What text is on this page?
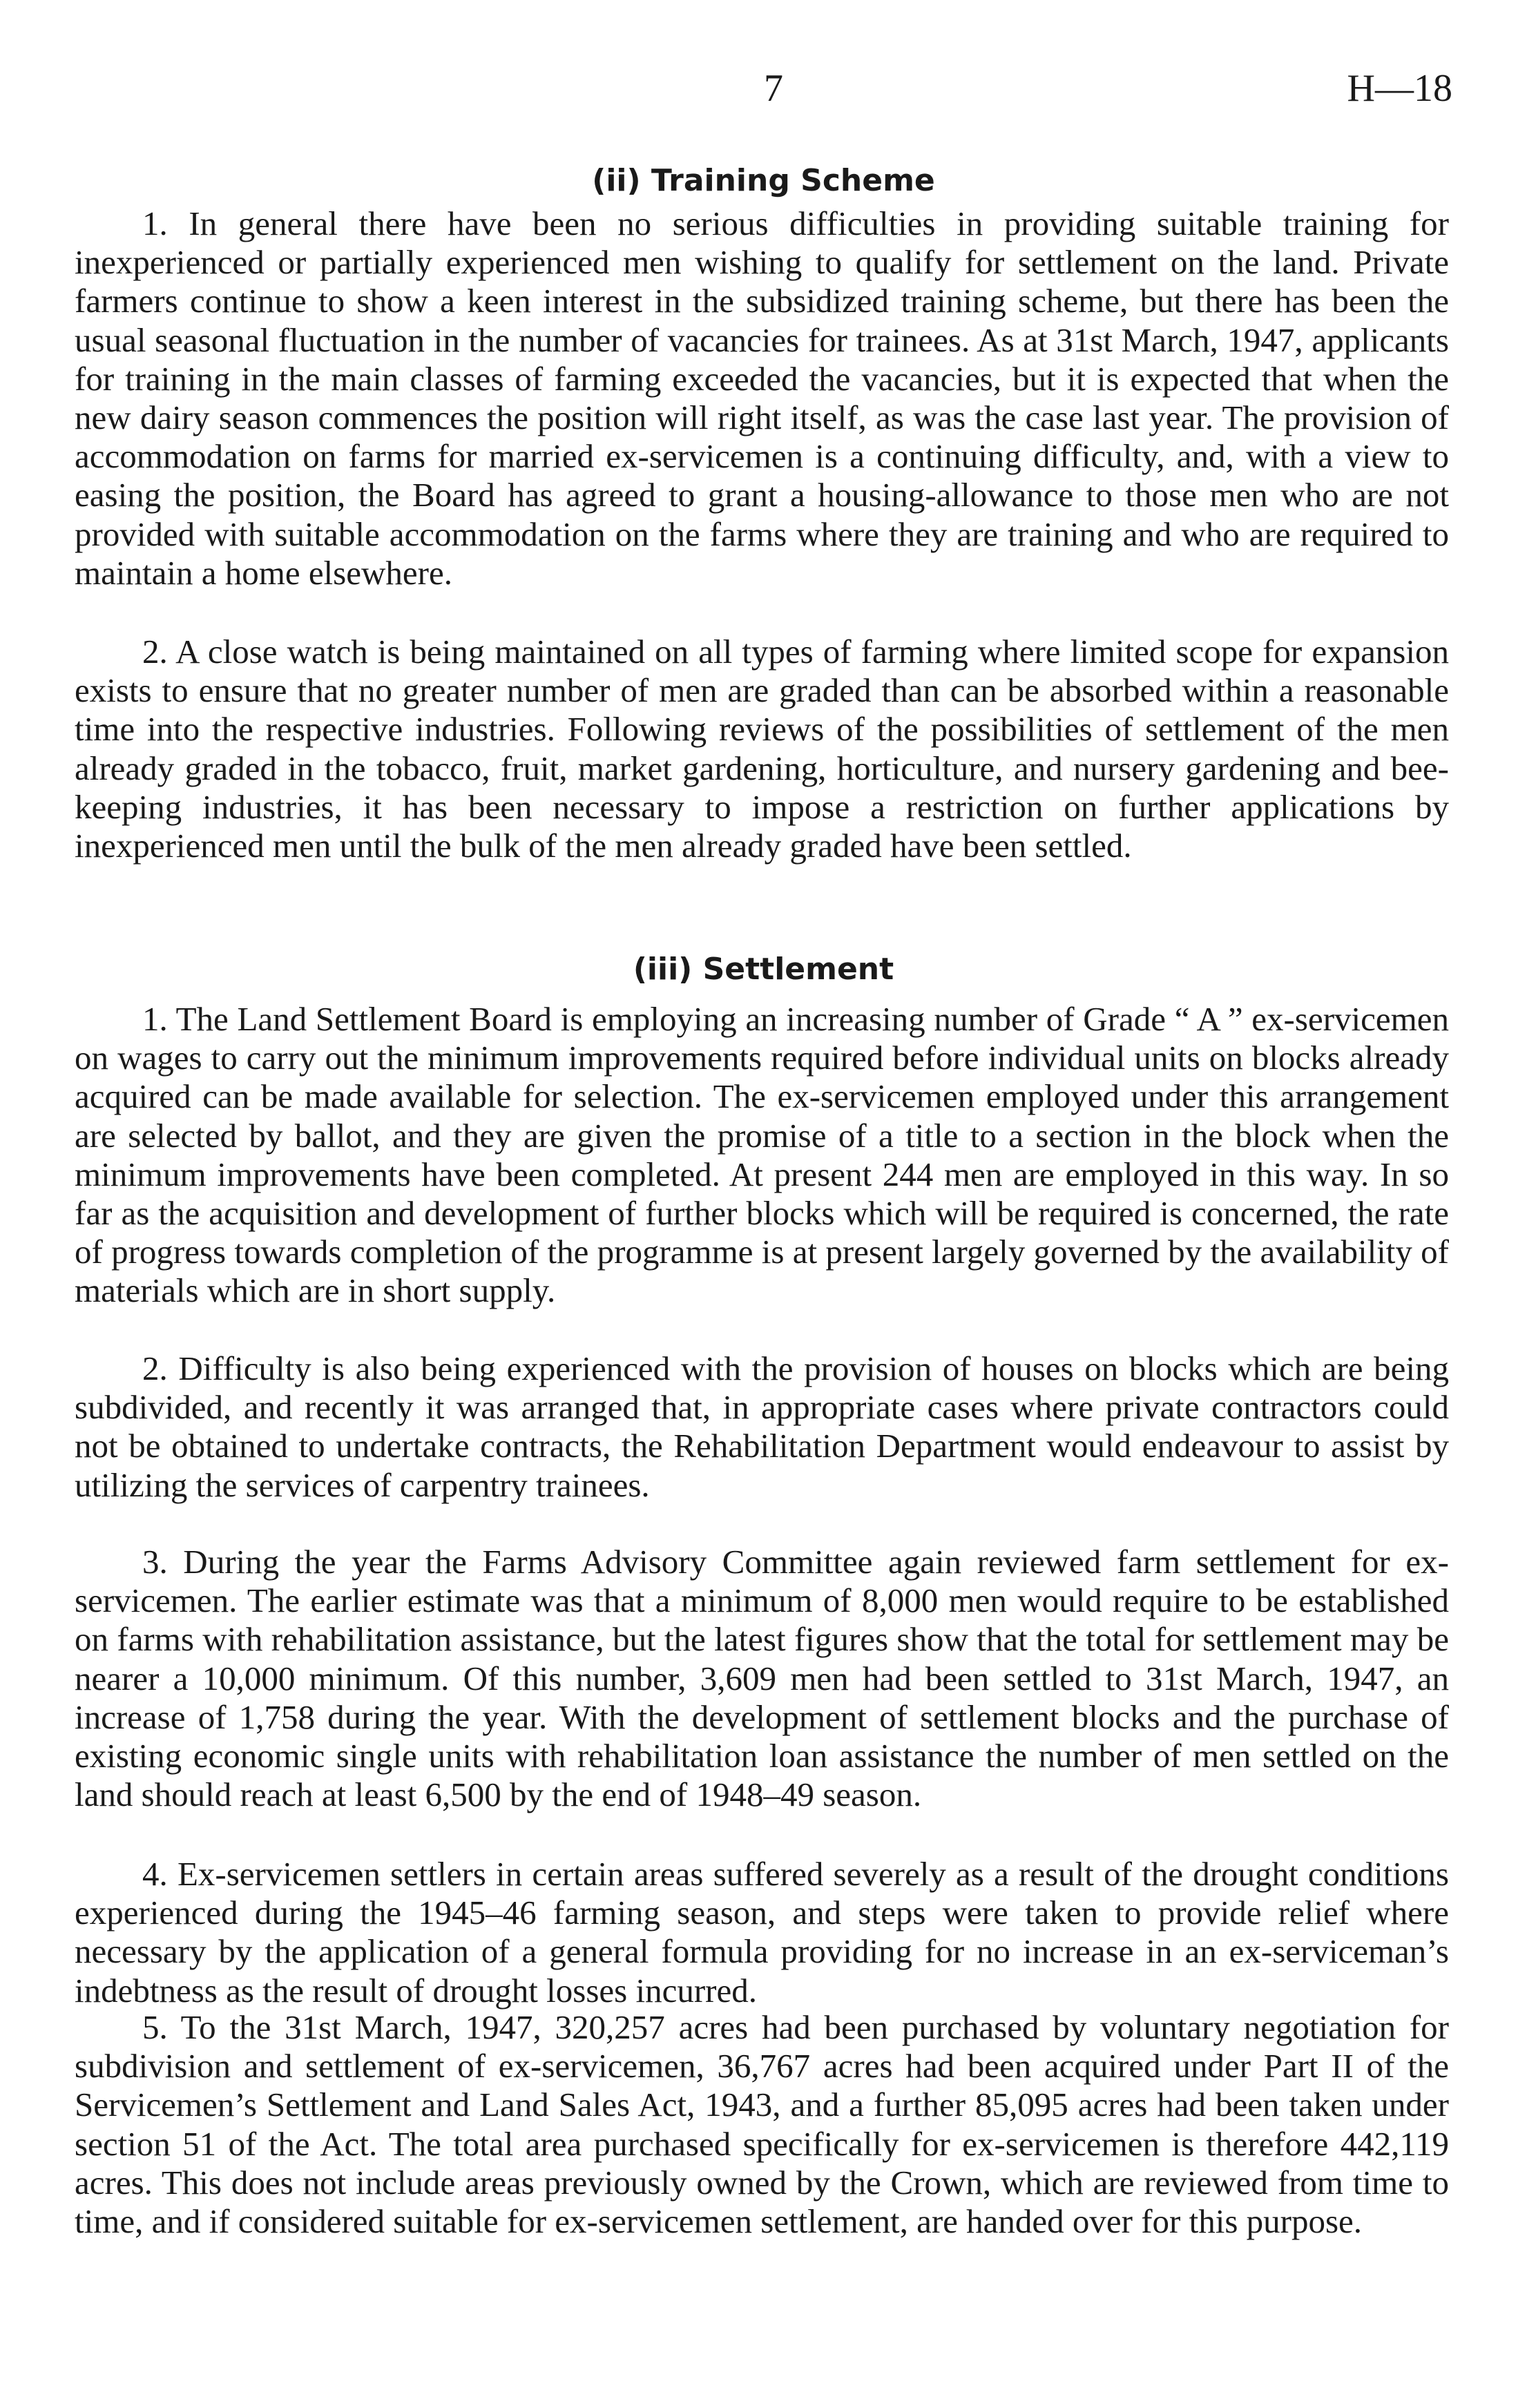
7	H—18
(ii) Training Scheme

1. In general there have been no serious difficulties in providing suitable training for inexperienced or partially experienced men wishing to qualify for settlement on the land. Private farmers continue to show a keen interest in the subsidized training scheme, but there has been the usual seasonal fluctuation in the number of vacancies for trainees. As at 31st March, 1947, applicants for training in the main classes of farming exceeded the vacancies, but it is expected that when the new dairy season commences the position will right itself, as was the case last year. The provision of accommodation on farms for married ex-servicemen is a continuing difficulty, and, with a view to easing the position, the Board has agreed to grant a housing-allowance to those men who are not provided with suitable accommodation on the farms where they are training and who are required to maintain a home elsewhere.

2. A close watch is being maintained on all types of farming where limited scope for expansion exists to ensure that no greater number of men are graded than can be absorbed within a reasonable time into the respective industries. Following reviews of the possibilities of settlement of the men already graded in the tobacco, fruit, market gardening, horticulture, and nursery gardening and bee-keeping industries, it has been necessary to impose a restriction on further applications by inexperienced men until the bulk of the men already graded have been settled.

(iii) Settlement

1. The Land Settlement Board is employing an increasing number of Grade “ A ” ex-servicemen on wages to carry out the minimum improvements required before individual units on blocks already acquired can be made available for selection. The ex-servicemen employed under this arrangement are selected by ballot, and they are given the promise of a title to a section in the block when the minimum improvements have been completed. At present 244 men are employed in this way. In so far as the acquisition and development of further blocks which will be required is concerned, the rate of progress towards completion of the programme is at present largely governed by the availability of materials which are in short supply.

2. Difficulty is also being experienced with the provision of houses on blocks which are being subdivided, and recently it was arranged that, in appropriate cases where private contractors could not be obtained to undertake contracts, the Rehabilitation Department would endeavour to assist by utilizing the services of carpentry trainees.

3. During the year the Farms Advisory Committee again reviewed farm settlement for ex-servicemen. The earlier estimate was that a minimum of 8,000 men would require to be established on farms with rehabilitation assistance, but the latest figures show that the total for settlement may be nearer a 10,000 minimum. Of this number, 3,609 men had been settled to 31st March, 1947, an increase of 1,758 during the year. With the development of settlement blocks and the purchase of existing economic single units with rehabilitation loan assistance the number of men settled on the land should reach at least 6,500 by the end of 1948–49 season.

4. Ex-servicemen settlers in certain areas suffered severely as a result of the drought conditions experienced during the 1945–46 farming season, and steps were taken to provide relief where necessary by the application of a general formula providing for no increase in an ex-serviceman’s indebtness as the result of drought losses incurred.

5. To the 31st March, 1947, 320,257 acres had been purchased by voluntary negotiation for subdivision and settlement of ex-servicemen, 36,767 acres had been acquired under Part II of the Servicemen’s Settlement and Land Sales Act, 1943, and a further 85,095 acres had been taken under section 51 of the Act. The total area purchased specifically for ex-servicemen is therefore 442,119 acres. This does not include areas previously owned by the Crown, which are reviewed from time to time, and if considered suitable for ex-servicemen settlement, are handed over for this purpose.
